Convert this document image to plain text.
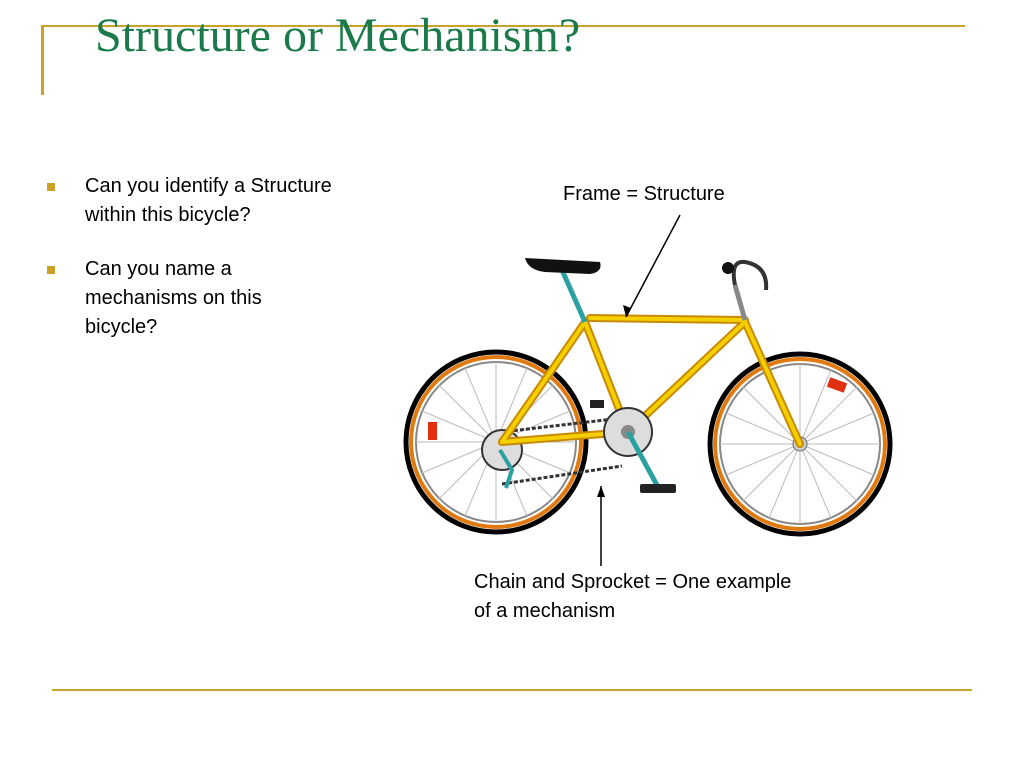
Structure or Mechanism?
Can you identify a Structure within this bicycle?
Can you name a mechanisms on this bicycle?
Frame = Structure
Chain and Sprocket = One example of a mechanism
